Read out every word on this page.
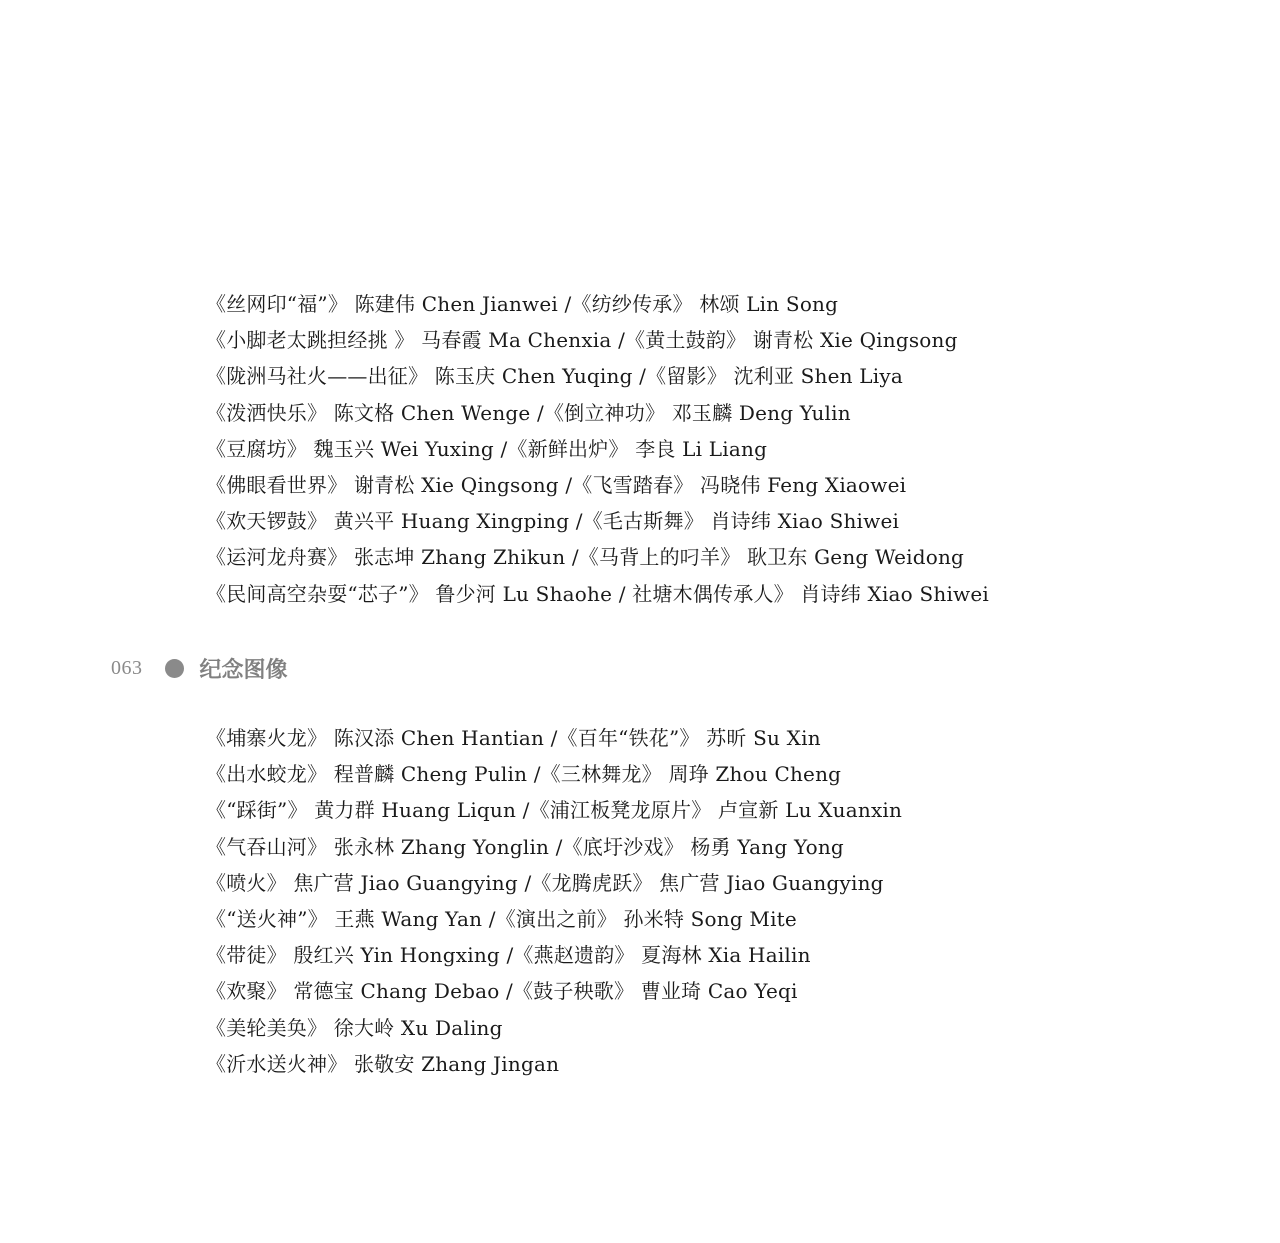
《丝网印“福”》 陈建伟 Chen Jianwei /《纺纱传承》 林颂 Lin Song
《小脚老太跳担经挑 》 马春霞 Ma Chenxia /《黄土鼓韵》 谢青松 Xie Qingsong
《陇洲马社火——出征》 陈玉庆 Chen Yuqing /《留影》 沈利亚 Shen Liya
《泼洒快乐》 陈文格 Chen Wenge /《倒立神功》 邓玉麟 Deng Yulin
《豆腐坊》 魏玉兴 Wei Yuxing /《新鲜出炉》 李良 Li Liang
《佛眼看世界》 谢青松 Xie Qingsong /《飞雪踏春》 冯晓伟 Feng Xiaowei
《欢天锣鼓》 黄兴平 Huang Xingping /《毛古斯舞》 肖诗纬 Xiao Shiwei
《运河龙舟赛》 张志坤 Zhang Zhikun /《马背上的叼羊》 耿卫东 Geng Weidong
《民间高空杂耍“芯子”》 鲁少河 Lu Shaohe / 社塘木偶传承人》 肖诗纬 Xiao Shiwei
063	纪念图像
《埔寨火龙》 陈汉添 Chen Hantian /《百年“铁花”》 苏昕 Su Xin
《出水蛟龙》 程普麟 Cheng Pulin /《三林舞龙》 周琤 Zhou Cheng
《“踩街”》 黄力群 Huang Liqun /《浦江板凳龙原片》 卢宣新 Lu Xuanxin
《气吞山河》 张永林 Zhang Yonglin /《底圩沙戏》 杨勇 Yang Yong
《喷火》 焦广营 Jiao Guangying /《龙腾虎跃》 焦广营 Jiao Guangying
《“送火神”》 王燕 Wang Yan /《演出之前》 孙米特 Song Mite
《带徒》 殷红兴 Yin Hongxing /《燕赵遗韵》 夏海林 Xia Hailin
《欢聚》 常德宝 Chang Debao /《鼓子秧歌》 曹业琦 Cao Yeqi
《美轮美奂》 徐大岭 Xu Daling
《沂水送火神》 张敬安 Zhang Jingan
